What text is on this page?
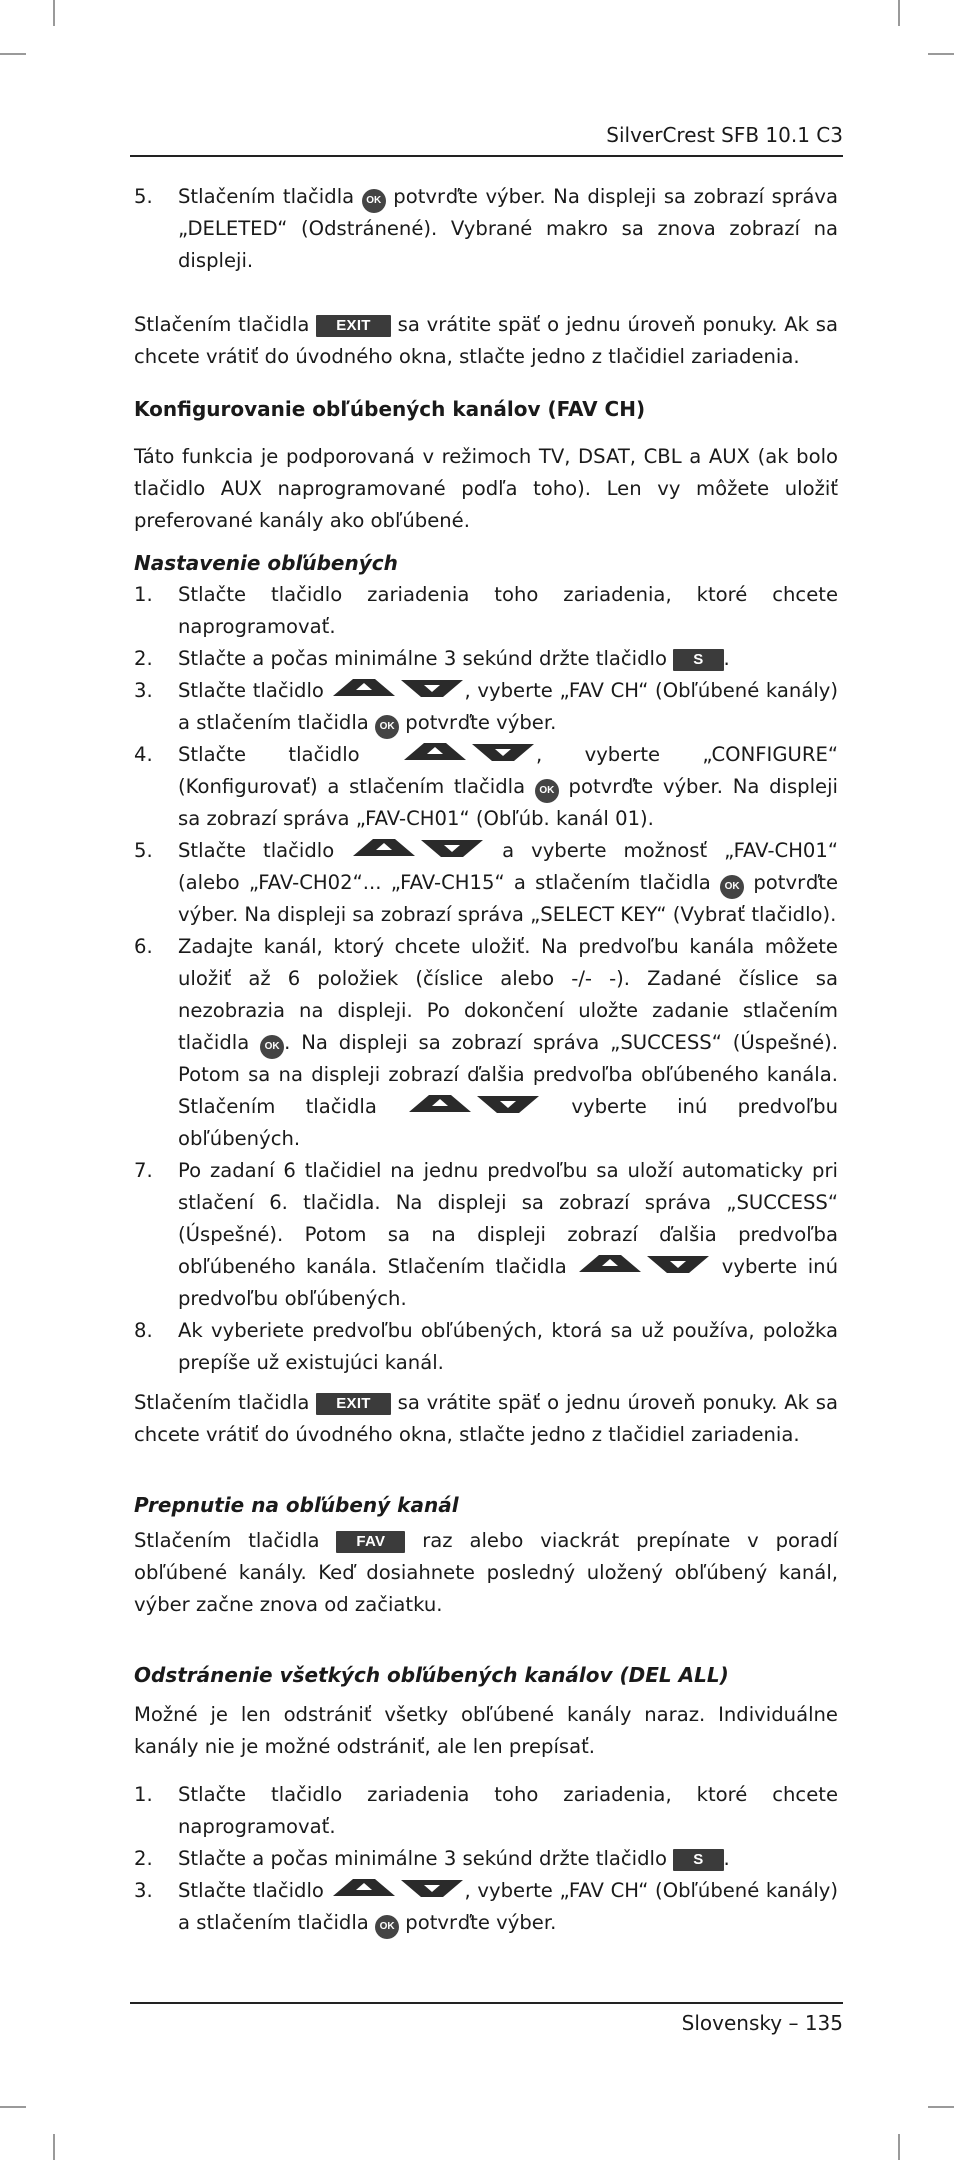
SilverCrest SFB 10.1 C3
5. Stlačením tlačidla OK potvrďte výber. Na displeji sa zobrazí správa „DELETED“ (Odstránené). Vybrané makro sa znova zobrazí na displeji.

Stlačením tlačidla EXIT sa vrátite späť o jednu úroveň ponuky. Ak sa chcete vrátiť do úvodného okna, stlačte jedno z tlačidiel zariadenia.

Konfigurovanie obľúbených kanálov (FAV CH)

Táto funkcia je podporovaná v režimoch TV, DSAT, CBL a AUX (ak bolo tlačidlo AUX naprogramované podľa toho). Len vy môžete uložiť preferované kanály ako obľúbené.

Nastavenie obľúbených
1. Stlačte tlačidlo zariadenia toho zariadenia, ktoré chcete naprogramovať.
2. Stlačte a počas minimálne 3 sekúnd držte tlačidlo S .
3. Stlačte tlačidlo	, vyberte „FAV CH“ (Obľúbené kanály) a stlačením tlačidla OK potvrďte výber.
4. Stlačte tlačidlo	, vyberte „CONFIGURE“ (Konfigurovať) a stlačením tlačidla OK potvrďte výber. Na displeji sa zobrazí správa „FAV-CH01“ (Obľúb. kanál 01).
5. Stlačte tlačidlo	a vyberte možnosť „FAV-CH01“ (alebo „FAV-CH02“... „FAV-CH15“ a stlačením tlačidla OK potvrďte výber. Na displeji sa zobrazí správa „SELECT KEY“ (Vybrať tlačidlo).
6. Zadajte kanál, ktorý chcete uložiť. Na predvoľbu kanála môžete uložiť až 6 položiek (číslice alebo -/- -). Zadané číslice sa nezobrazia na displeji. Po dokončení uložte zadanie stlačením tlačidla OK . Na displeji sa zobrazí správa „SUCCESS“ (Úspešné). Potom sa na displeji zobrazí ďalšia predvoľba obľúbeného kanála. Stlačením tlačidla	vyberte inú predvoľbu obľúbených.
7. Po zadaní 6 tlačidiel na jednu predvoľbu sa uloží automaticky pri stlačení 6. tlačidla. Na displeji sa zobrazí správa „SUCCESS“ (Úspešné). Potom sa na displeji zobrazí ďalšia predvoľba obľúbeného kanála. Stlačením tlačidla	vyberte inú predvoľbu obľúbených.
8. Ak vyberiete predvoľbu obľúbených, ktorá sa už používa, položka prepíše už existujúci kanál.

Stlačením tlačidla EXIT sa vrátite späť o jednu úroveň ponuky. Ak sa chcete vrátiť do úvodného okna, stlačte jedno z tlačidiel zariadenia.

Prepnutie na obľúbený kanál

Stlačením tlačidla FAV raz alebo viackrát prepínate v poradí obľúbené kanály. Keď dosiahnete posledný uložený obľúbený kanál, výber začne znova od začiatku.

Odstránenie všetkých obľúbených kanálov (DEL ALL)

Možné je len odstrániť všetky obľúbené kanály naraz. Individuálne kanály nie je možné odstrániť, ale len prepísať.

1. Stlačte tlačidlo zariadenia toho zariadenia, ktoré chcete naprogramovať.
2. Stlačte a počas minimálne 3 sekúnd držte tlačidlo S .
3. Stlačte tlačidlo	, vyberte „FAV CH“ (Obľúbené kanály) a stlačením tlačidla OK potvrďte výber.
Slovensky – 135
